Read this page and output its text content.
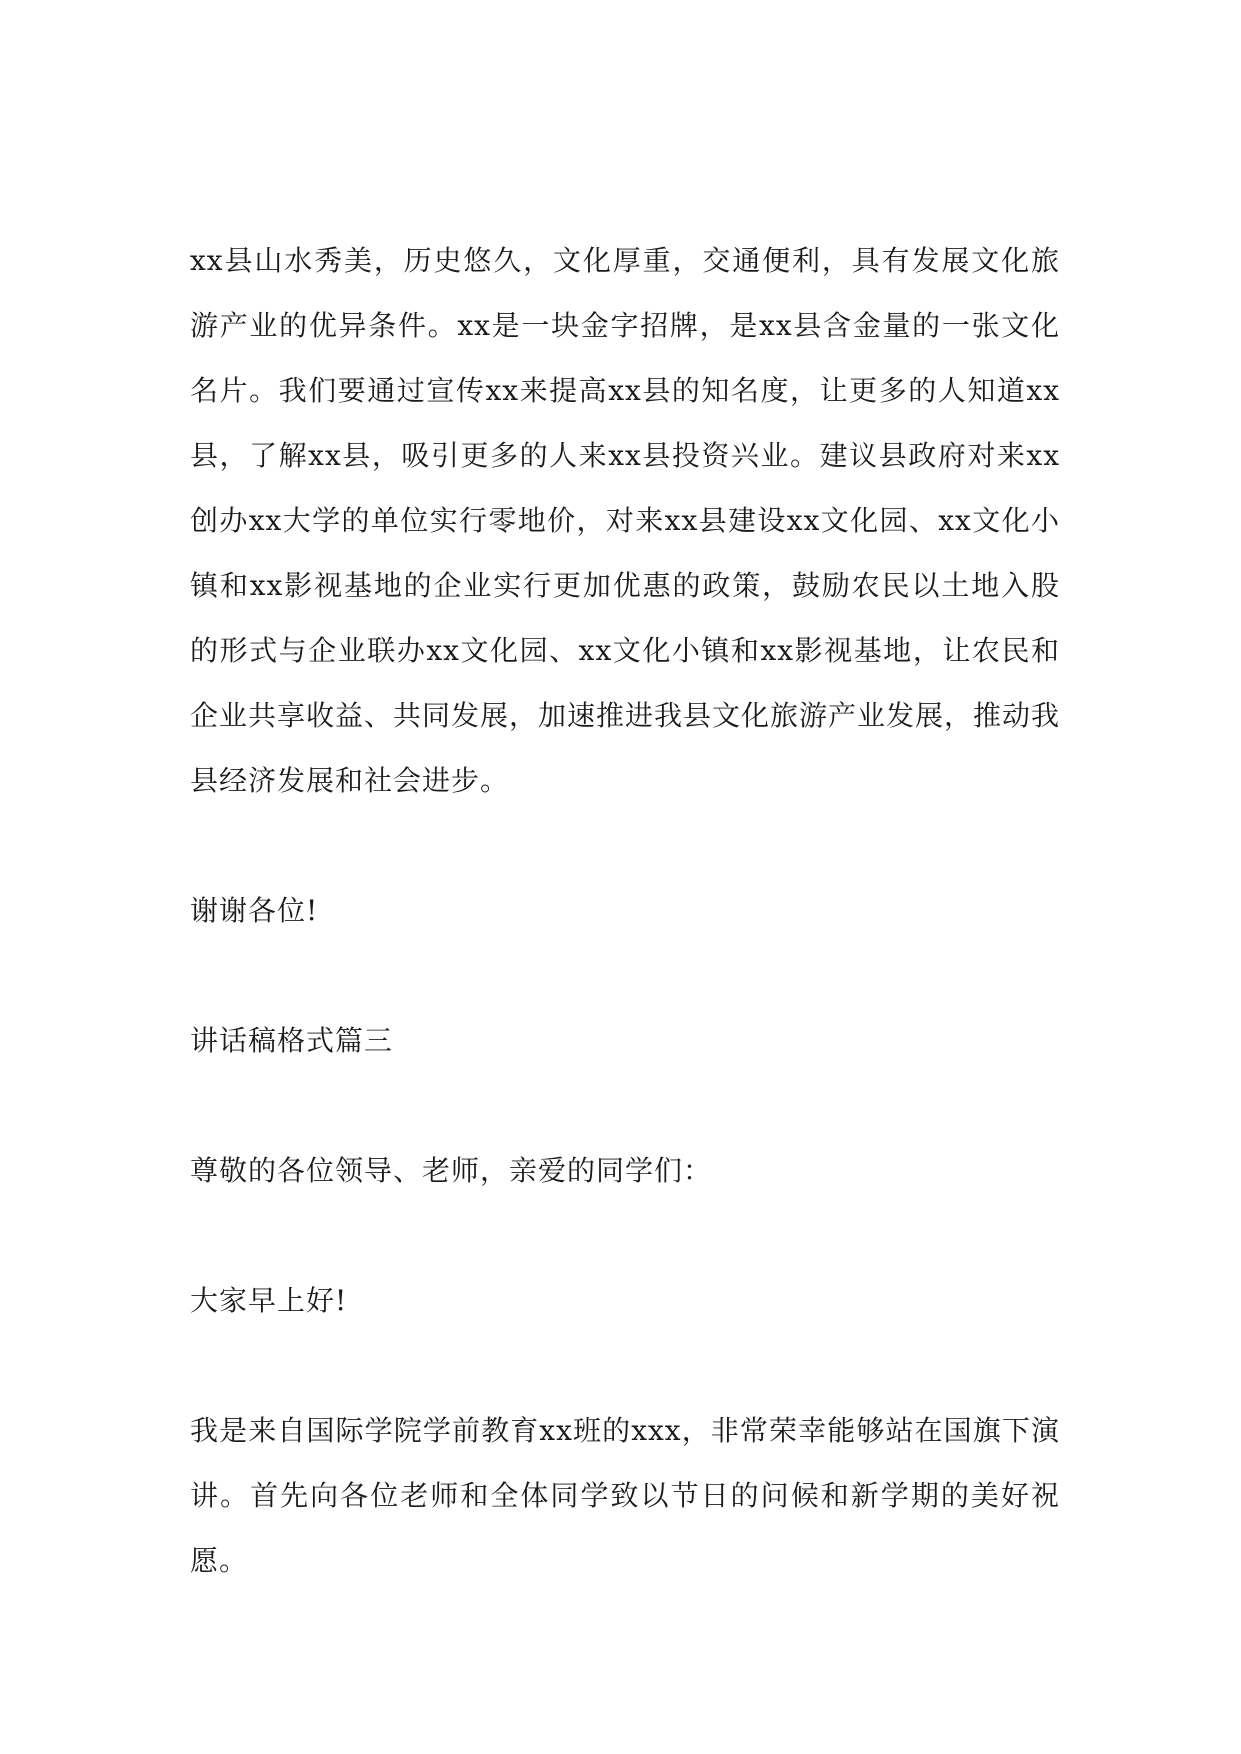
xx县山水秀美，历史悠久，文化厚重，交通便利，具有发展文化旅游产业的优异条件。xx是一块金字招牌，是xx县含金量的一张文化名片。我们要通过宣传xx来提高xx县的知名度，让更多的人知道xx县，了解xx县，吸引更多的人来xx县投资兴业。建议县政府对来xx创办xx大学的单位实行零地价，对来xx县建设xx文化园、xx文化小镇和xx影视基地的企业实行更加优惠的政策，鼓励农民以土地入股的形式与企业联办xx文化园、xx文化小镇和xx影视基地，让农民和企业共享收益、共同发展，加速推进我县文化旅游产业发展，推动我县经济发展和社会进步。

谢谢各位!

讲话稿格式篇三

尊敬的各位领导、老师，亲爱的同学们：

大家早上好!

我是来自国际学院学前教育xx班的xxx，非常荣幸能够站在国旗下演讲。首先向各位老师和全体同学致以节日的问候和新学期的美好祝愿。
